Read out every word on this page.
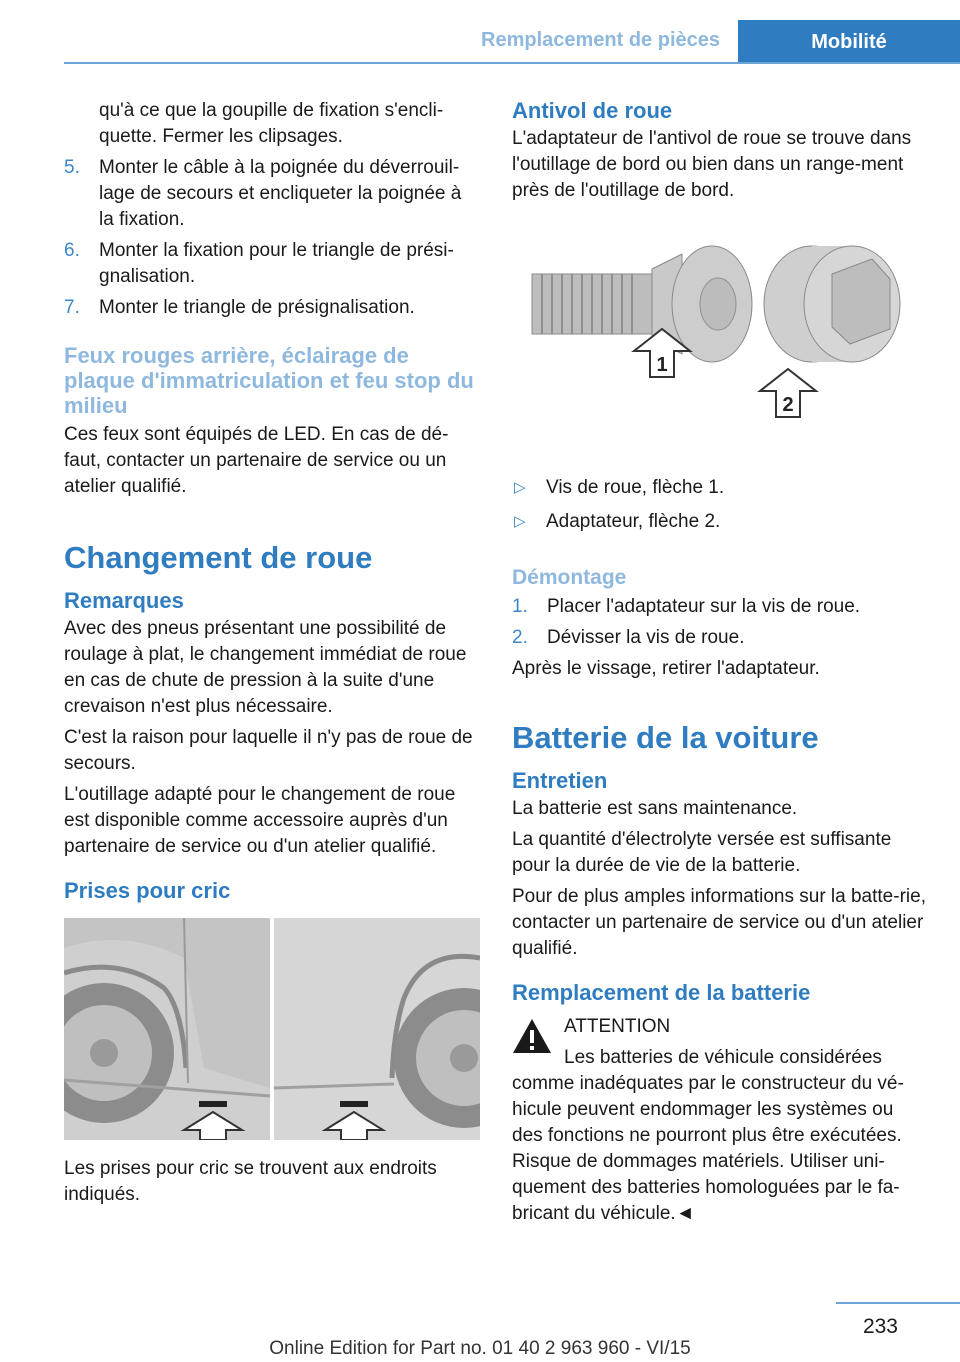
Remplacement de pièces	Mobilité

qu'à ce que la goupille de fixation s'encli-quette. Fermer les clipsages.

5. Monter le câble à la poignée du déverrouil-lage de secours et encliqueter la poignée à la fixation.
6. Monter la fixation pour le triangle de prési-gnalisation.
7. Monter le triangle de présignalisation.
Feux rouges arrière, éclairage de plaque d'immatriculation et feu stop du milieu

Ces feux sont équipés de LED. En cas de dé-faut, contacter un partenaire de service ou un atelier qualifié.

Changement de roue
Remarques

Avec des pneus présentant une possibilité de roulage à plat, le changement immédiat de roue en cas de chute de pression à la suite d'une crevaison n'est plus nécessaire.

C'est la raison pour laquelle il n'y pas de roue de secours.

L'outillage adapté pour le changement de roue est disponible comme accessoire auprès d'un partenaire de service ou d'un atelier qualifié.

Prises pour cric

Les prises pour cric se trouvent aux endroits indiqués.

Antivol de roue

L'adaptateur de l'antivol de roue se trouve dans l'outillage de bord ou bien dans un range-ment près de l'outillage de bord.

1
2
▷ Vis de roue, flèche 1.
▷ Adaptateur, flèche 2.
Démontage
1. Placer l'adaptateur sur la vis de roue.
2. Dévisser la vis de roue.

Après le vissage, retirer l'adaptateur.

Batterie de la voiture
Entretien

La batterie est sans maintenance.

La quantité d'électrolyte versée est suffisante pour la durée de vie de la batterie.

Pour de plus amples informations sur la batte-rie, contacter un partenaire de service ou d'un atelier qualifié.

Remplacement de la batterie

ATTENTION

Les batteries de véhicule considérées comme inadéquates par le constructeur du vé-hicule peuvent endommager les systèmes ou des fonctions ne pourront plus être exécutées. Risque de dommages matériels. Utiliser uni-quement des batteries homologuées par le fa-bricant du véhicule.◄

233
Online Edition for Part no. 01 40 2 963 960 - VI/15
